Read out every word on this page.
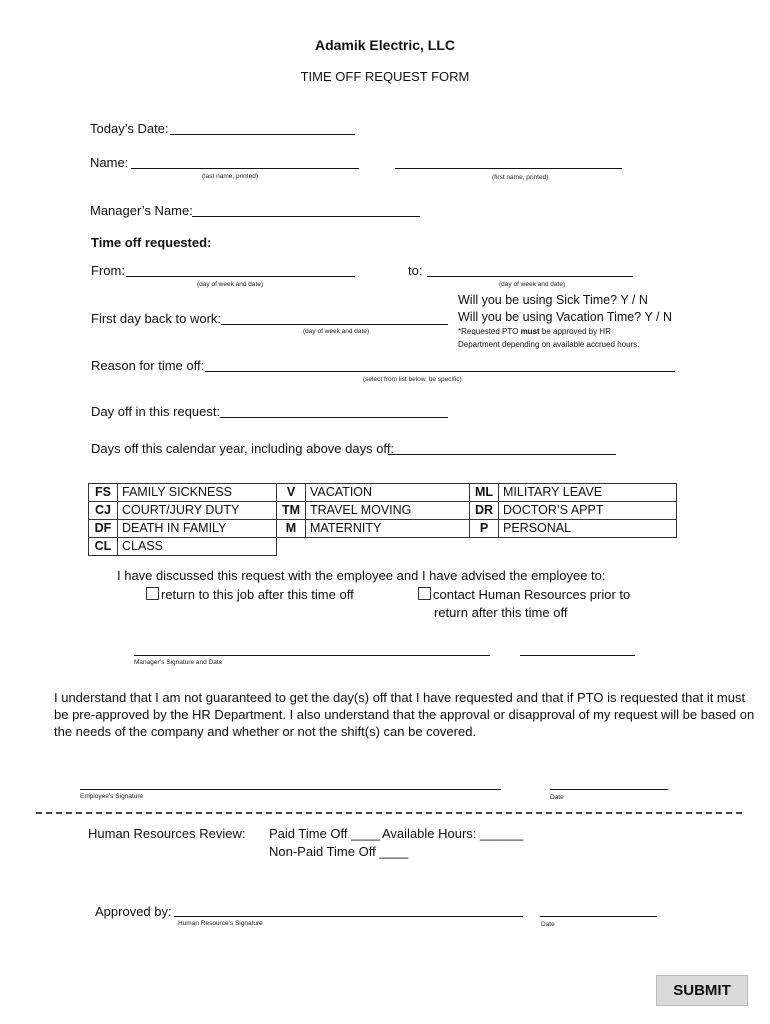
Adamik Electric, LLC
TIME OFF REQUEST FORM
Today’s Date:
Name:
(last name, printed)	(first name, printed)
Manager’s Name:
Time off requested:
From:	to:
(day of week and date)	(day of week and date)
First day back to work:
(day of week and date)
Will you be using Sick Time? Y / N
Will you be using Vacation Time? Y / N
*Requested PTO must be approved by HR
Department depending on available accrued hours.
Reason for time off:
(select from list below, be specific)
Day off in this request:
Days off this calendar year, including above days off:
FS	FAMILY SICKNESS	V	VACATION	ML	MILITARY LEAVE
CJ	COURT/JURY DUTY	TM	TRAVEL MOVING	DR	DOCTOR’S APPT
DF	DEATH IN FAMILY	M	MATERNITY	P	PERSONAL
CL	CLASS				
I have discussed this request with the employee and I have advised the employee to:
return to this job after this time off	contact Human Resources prior to
return after this time off
Manager’s Signature and Date
I understand that I am not guaranteed to get the day(s) off that I have requested and that if PTO is requested that it must
be pre-approved by the HR Department. I also understand that the approval or disapproval of my request will be based on
the needs of the company and whether or not the shift(s) can be covered.
Employee’s Signature	Date
Human Resources Review: Paid Time Off ____ Available Hours: ______
Non-Paid Time Off ____
Approved by:
Human Resource’s Signature	Date
SUBMIT
